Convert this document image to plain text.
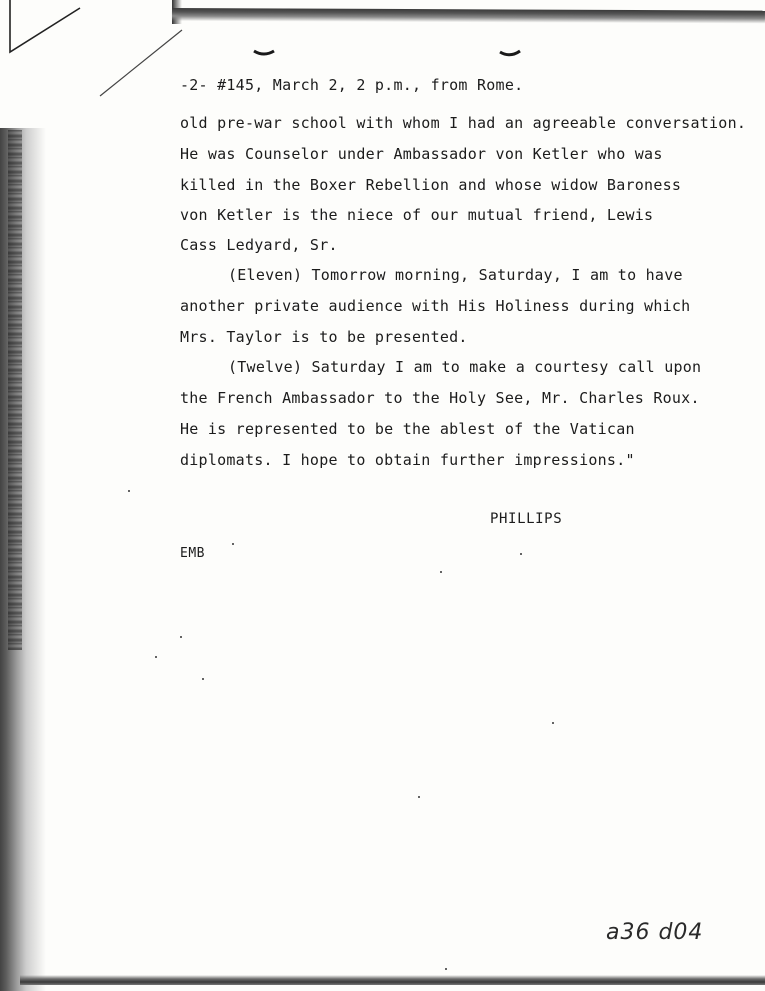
-2- #145, March 2, 2 p.m., from Rome.
old pre-war school with whom I had an agreeable conversation.
He was Counselor under Ambassador von Ketler who was
killed in the Boxer Rebellion and whose widow Baroness
von Ketler is the niece of our mutual friend, Lewis
Cass Ledyard, Sr.
(Eleven) Tomorrow morning, Saturday, I am to have
another private audience with His Holiness during which
Mrs. Taylor is to be presented.
(Twelve) Saturday I am to make a courtesy call upon
the French Ambassador to the Holy See, Mr. Charles Roux.
He is represented to be the ablest of the Vatican
diplomats. I hope to obtain further impressions."
PHILLIPS
EMB
a36 d04
